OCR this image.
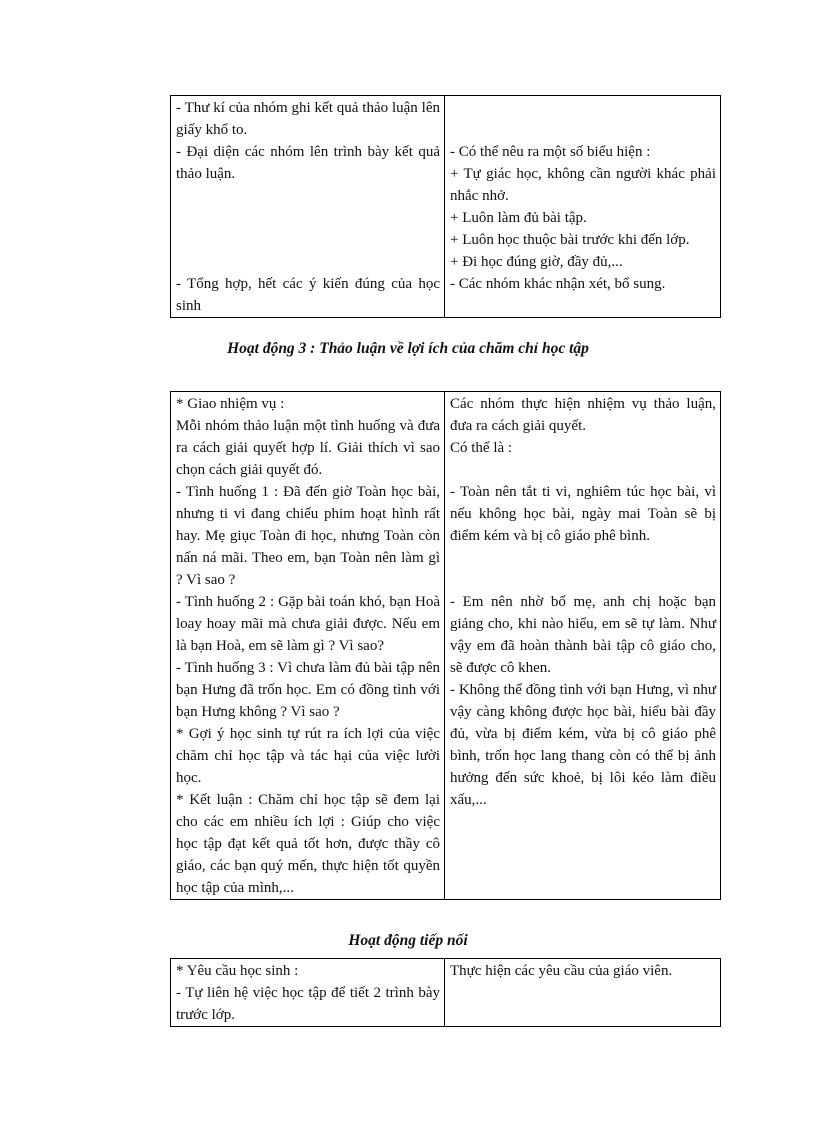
- Thư kí của nhóm ghi kết quả thảo luận lên giấy khổ to.
- Đại diện các nhóm lên trình bày kết quả thảo luận.
- Tổng hợp, hết các ý kiến đúng của học sinh

- Có thể nêu ra một số biểu hiện :
+ Tự giác học, không cần người khác phải nhắc nhở.
+ Luôn làm đủ bài tập.
+ Luôn học thuộc bài trước khi đến lớp.
+ Đi học đúng giờ, đầy đủ,...
- Các nhóm khác nhận xét, bổ sung.
Hoạt động 3 : Thảo luận về lợi ích của chăm chỉ học tập
* Giao nhiệm vụ :
Mỗi nhóm thảo luận một tình huống và đưa ra cách giải quyết hợp lí. Giải thích vì sao chọn cách giải quyết đó.
- Tình huống 1 : Đã đến giờ Toàn học bài, nhưng ti vi đang chiếu phim hoạt hình rất hay. Mẹ giục Toàn đi học, nhưng Toàn còn nấn ná mãi. Theo em, bạn Toàn nên làm gì ? Vì sao ?
- Tình huống 2 : Gặp bài toán khó, bạn Hoà loay hoay mãi mà chưa giải được. Nếu em là bạn Hoà, em sẽ làm gì ? Vì sao?
- Tình huống 3 : Vì chưa làm đủ bài tập nên bạn Hưng đã trốn học. Em có đồng tình với bạn Hưng không ? Vì sao ?
* Gợi ý học sinh tự rút ra ích lợi của việc chăm chỉ học tập và tác hại của việc lười học.
* Kết luận : Chăm chỉ học tập sẽ đem lại cho các em nhiều ích lợi : Giúp cho việc học tập đạt kết quả tốt hơn, được thầy cô giáo, các bạn quý mến, thực hiện tốt quyền học tập của mình,...

Các nhóm thực hiện nhiệm vụ thảo luận, đưa ra cách giải quyết.
Có thể là :
- Toàn nên tắt ti vi, nghiêm túc học bài, vì nếu không học bài, ngày mai Toàn sẽ bị điểm kém và bị cô giáo phê bình.
- Em nên nhờ bố mẹ, anh chị hoặc bạn giảng cho, khi nào hiểu, em sẽ tự làm. Như vậy em đã hoàn thành bài tập cô giáo cho, sẽ được cô khen.
- Không thể đồng tình với bạn Hưng, vì như vậy càng không được học bài, hiểu bài đầy đủ, vừa bị điểm kém, vừa bị cô giáo phê bình, trốn học lang thang còn có thể bị ảnh hưởng đến sức khoẻ, bị lôi kéo làm điều xấu,...
Hoạt động tiếp nối
* Yêu cầu học sinh :
- Tự liên hệ việc học tập để tiết 2 trình bày trước lớp.

Thực hiện các yêu cầu của giáo viên.
